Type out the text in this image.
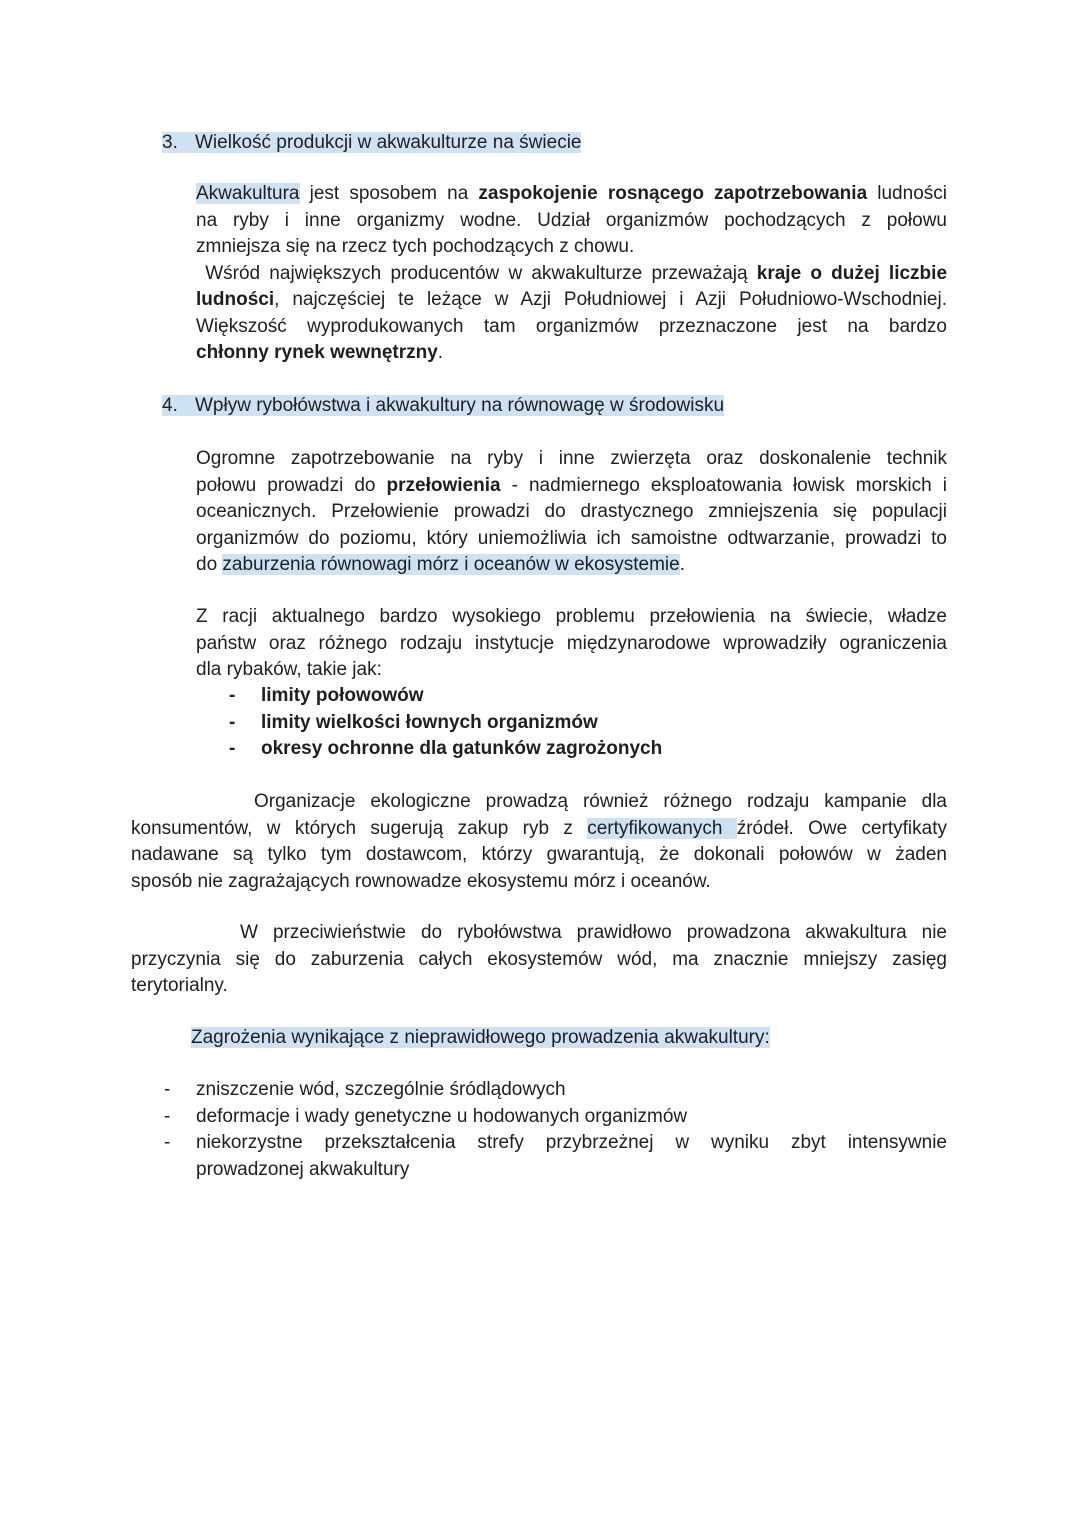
3. Wielkość produkcji w akwakulturze na świecie
Akwakultura jest sposobem na zaspokojenie rosnącego zapotrzebowania ludności
na ryby i inne organizmy wodne. Udział organizmów pochodzących z połowu
zmniejsza się na rzecz tych pochodzących z chowu.
Wśród największych producentów w akwakulturze przeważają kraje o dużej liczbie
ludności, najczęściej te leżące w Azji Południowej i Azji Południowo-Wschodniej.
Większość wyprodukowanych tam organizmów przeznaczone jest na bardzo
chłonny rynek wewnętrzny.
4. Wpływ rybołówstwa i akwakultury na równowagę w środowisku
Ogromne zapotrzebowanie na ryby i inne zwierzęta oraz doskonalenie technik
połowu prowadzi do przełowienia - nadmiernego eksploatowania łowisk morskich i
oceanicznych. Przełowienie prowadzi do drastycznego zmniejszenia się populacji
organizmów do poziomu, który uniemożliwia ich samoistne odtwarzanie, prowadzi to
do zaburzenia równowagi mórz i oceanów w ekosystemie.
Z racji aktualnego bardzo wysokiego problemu przełowienia na świecie, władze
państw oraz różnego rodzaju instytucje międzynarodowe wprowadziły ograniczenia
dla rybaków, takie jak:
- limity połowowów
- limity wielkości łownych organizmów
- okresy ochronne dla gatunków zagrożonych
Organizacje ekologiczne prowadzą również różnego rodzaju kampanie dla
konsumentów, w których sugerują zakup ryb z certyfikowanych źródeł. Owe certyfikaty
nadawane są tylko tym dostawcom, którzy gwarantują, że dokonali połowów w żaden
sposób nie zagrażających rownowadze ekosystemu mórz i oceanów.
W przeciwieństwie do rybołówstwa prawidłowo prowadzona akwakultura nie
przyczynia się do zaburzenia całych ekosystemów wód, ma znacznie mniejszy zasięg
terytorialny.
Zagrożenia wynikające z nieprawidłowego prowadzenia akwakultury:
- zniszczenie wód, szczególnie śródlądowych
- deformacje i wady genetyczne u hodowanych organizmów
- niekorzystne przekształcenia strefy przybrzeżnej w wyniku zbyt intensywnie
prowadzonej akwakultury
